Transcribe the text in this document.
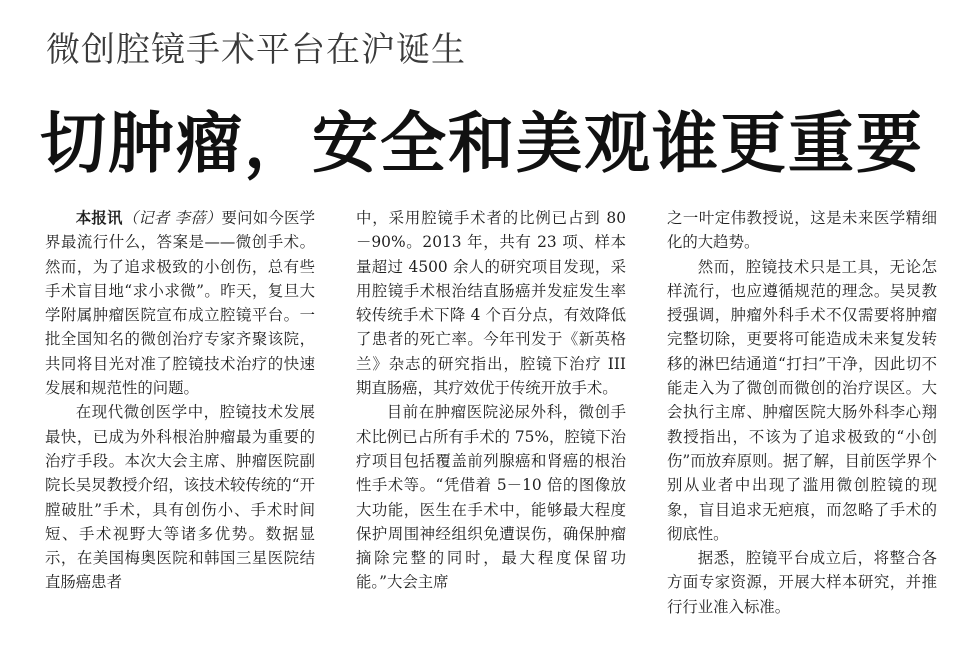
微创腔镜手术平台在沪诞生
切肿瘤，安全和美观谁更重要

本报讯（记者 李蓓）要问如今医学界最流行什么，答案是——微创手术。然而，为了追求极致的小创伤，总有些手术盲目地“求小求微”。昨天，复旦大学附属肿瘤医院宣布成立腔镜平台。一批全国知名的微创治疗专家齐聚该院，共同将目光对准了腔镜技术治疗的快速发展和规范性的问题。

在现代微创医学中，腔镜技术发展最快，已成为外科根治肿瘤最为重要的治疗手段。本次大会主席、肿瘤医院副院长吴炅教授介绍，该技术较传统的“开膛破肚”手术，具有创伤小、手术时间短、手术视野大等诸多优势。数据显示，在美国梅奥医院和韩国三星医院结直肠癌患者

中，采用腔镜手术者的比例已占到 80－90%。2013 年，共有 23 项、样本量超过 4500 余人的研究项目发现，采用腔镜手术根治结直肠癌并发症发生率较传统手术下降 4 个百分点，有效降低了患者的死亡率。今年刊发于《新英格兰》杂志的研究指出，腔镜下治疗 III 期直肠癌，其疗效优于传统开放手术。

目前在肿瘤医院泌尿外科，微创手术比例已占所有手术的 75%，腔镜下治疗项目包括覆盖前列腺癌和肾癌的根治性手术等。“凭借着 5－10 倍的图像放大功能，医生在手术中，能够最大程度保护周围神经组织免遭误伤，确保肿瘤摘除完整的同时，最大程度保留功能。”大会主席

之一叶定伟教授说，这是未来医学精细化的大趋势。

然而，腔镜技术只是工具，无论怎样流行，也应遵循规范的理念。吴炅教授强调，肿瘤外科手术不仅需要将肿瘤完整切除，更要将可能造成未来复发转移的淋巴结通道“打扫”干净，因此切不能走入为了微创而微创的治疗误区。大会执行主席、肿瘤医院大肠外科李心翔教授指出，不该为了追求极致的“小创伤”而放弃原则。据了解，目前医学界个别从业者中出现了滥用微创腔镜的现象，盲目追求无疤痕，而忽略了手术的彻底性。

据悉，腔镜平台成立后，将整合各方面专家资源，开展大样本研究，并推行行业准入标准。
